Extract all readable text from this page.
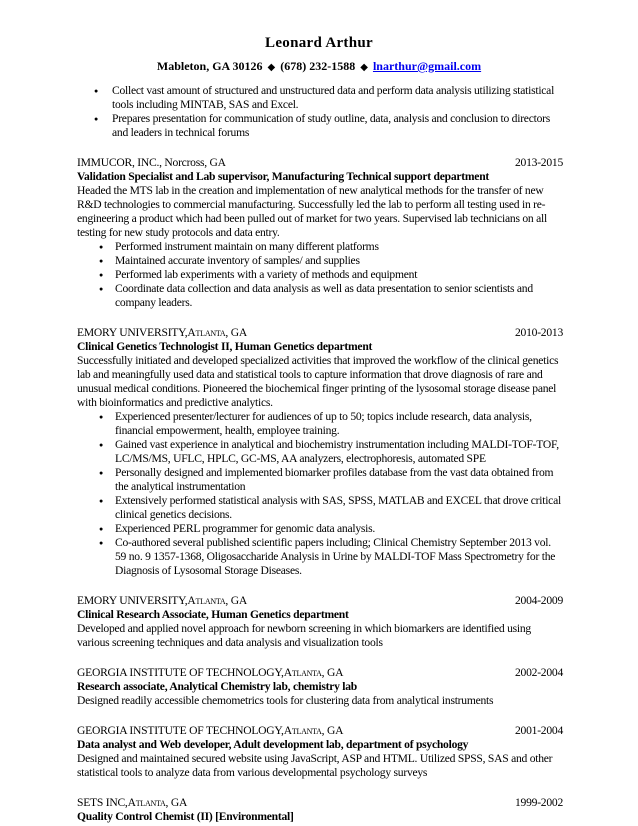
Leonard Arthur
Mableton, GA 30126 ◆ (678) 232-1588 ◆ lnarthur@gmail.com
● Collect vast amount of structured and unstructured data and perform data analysis utilizing statistical tools including MINTAB, SAS and Excel.
● Prepares presentation for communication of study outline, data, analysis and conclusion to directors and leaders in technical forums
IMMUCOR, INC., Norcross, GA	2013-2015
Validation Specialist and Lab supervisor, Manufacturing Technical support department

Headed the MTS lab in the creation and implementation of new analytical methods for the transfer of new R&D technologies to commercial manufacturing. Successfully led the lab to perform all testing used in re-engineering a product which had been pulled out of market for two years. Supervised lab technicians on all testing for new study protocols and data entry.

● Performed instrument maintain on many different platforms
● Maintained accurate inventory of samples/ and supplies
● Performed lab experiments with a variety of methods and equipment
● Coordinate data collection and data analysis as well as data presentation to senior scientists and company leaders.
EMORY UNIVERSITY,Atlanta, GA	2010-2013
Clinical Genetics Technologist II, Human Genetics department

Successfully initiated and developed specialized activities that improved the workflow of the clinical genetics lab and meaningfully used data and statistical tools to capture information that drove diagnosis of rare and unusual medical conditions. Pioneered the biochemical finger printing of the lysosomal storage disease panel with bioinformatics and predictive analytics.

● Experienced presenter/lecturer for audiences of up to 50; topics include research, data analysis, financial empowerment, health, employee training.
● Gained vast experience in analytical and biochemistry instrumentation including MALDI-TOF-TOF, LC/MS/MS, UFLC, HPLC, GC-MS, AA analyzers, electrophoresis, automated SPE
● Personally designed and implemented biomarker profiles database from the vast data obtained from the analytical instrumentation
● Extensively performed statistical analysis with SAS, SPSS, MATLAB and EXCEL that drove critical clinical genetics decisions.
● Experienced PERL programmer for genomic data analysis.
● Co-authored several published scientific papers including; Clinical Chemistry September 2013 vol. 59 no. 9 1357-1368, Oligosaccharide Analysis in Urine by MALDI-TOF Mass Spectrometry for the Diagnosis of Lysosomal Storage Diseases.
EMORY UNIVERSITY,Atlanta, GA	2004-2009
Clinical Research Associate, Human Genetics department

Developed and applied novel approach for newborn screening in which biomarkers are identified using various screening techniques and data analysis and visualization tools

GEORGIA INSTITUTE OF TECHNOLOGY,Atlanta, GA	2002-2004
Research associate, Analytical Chemistry lab, chemistry lab

Designed readily accessible chemometrics tools for clustering data from analytical instruments

GEORGIA INSTITUTE OF TECHNOLOGY,Atlanta, GA	2001-2004
Data analyst and Web developer, Adult development lab, department of psychology

Designed and maintained secured website using JavaScript, ASP and HTML. Utilized SPSS, SAS and other statistical tools to analyze data from various developmental psychology surveys

SETS INC,Atlanta, GA	1999-2002
Quality Control Chemist (II) [Environmental]
